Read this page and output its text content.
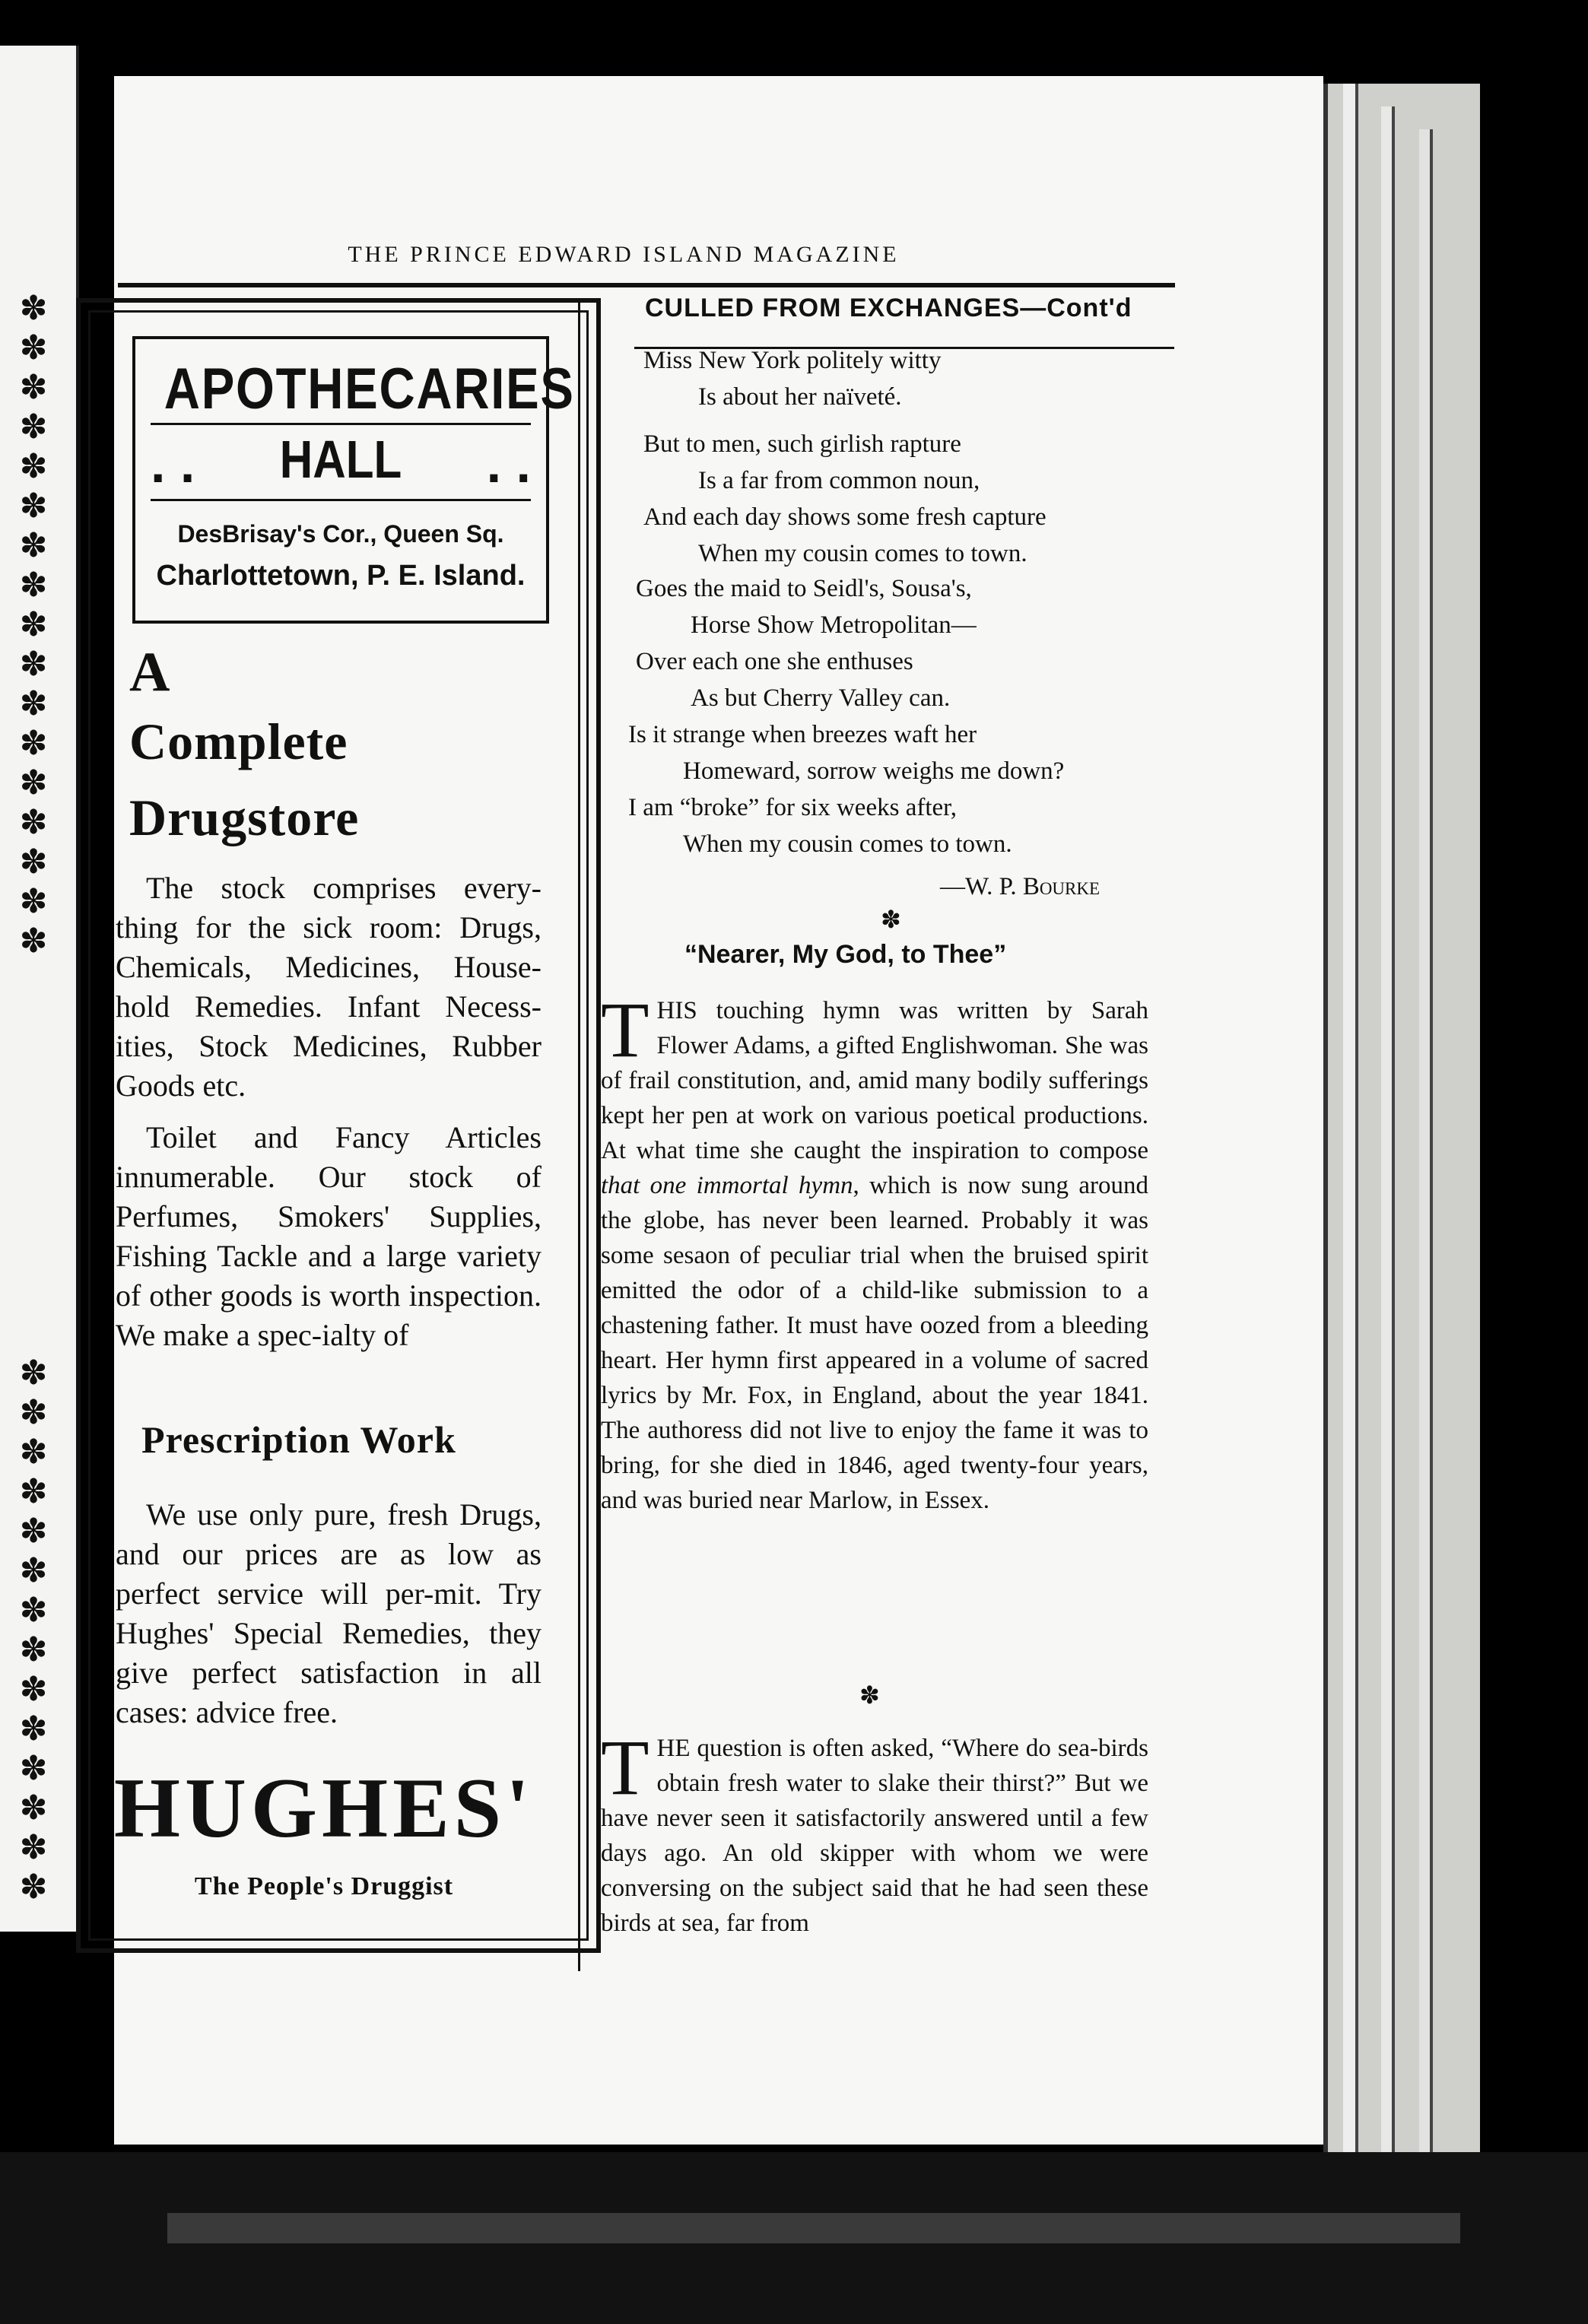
✽
✽
✽
✽
✽
✽
✽
✽
✽
✽
✽
✽
✽
✽
✽
✽
✽
✽
✽
✽
✽
✽
✽
✽
✽
✽
✽
✽
✽
✽
✽
THE PRINCE EDWARD ISLAND MAGAZINE
APOTHECARIES
. .	HALL	. .
DesBrisay's Cor., Queen Sq.
Charlottetown, P. E. Island.
A
Complete
Drugstore

The stock comprises every-thing for the sick room: Drugs, Chemicals, Medicines, House-hold Remedies. Infant Necess-ities, Stock Medicines, Rubber Goods etc.

Toilet and Fancy Articles innumerable. Our stock of Perfumes, Smokers' Supplies, Fishing Tackle and a large variety of other goods is worth inspection. We make a spec-ialty of

Prescription Work

We use only pure, fresh Drugs, and our prices are as low as perfect service will per-mit. Try Hughes' Special Remedies, they give perfect satisfaction in all cases: advice free.

HUGHES'
The People's Druggist
CULLED FROM EXCHANGES—Cont'd
Miss New York politely witty
Is about her naïveté.
But to men, such girlish rapture
Is a far from common noun,
And each day shows some fresh capture
When my cousin comes to town.
Goes the maid to Seidl's, Sousa's,
Horse Show Metropolitan—
Over each one she enthuses
As but Cherry Valley can.
Is it strange when breezes waft her
Homeward, sorrow weighs me down?
I am “broke” for six weeks after,
When my cousin comes to town.
—W. P. Bourke
✽
“Nearer, My God, to Thee”

THIS touching hymn was written by Sarah Flower Adams, a gifted Englishwoman. She was of frail constitution, and, amid many bodily sufferings kept her pen at work on various poetical productions. At what time she caught the inspiration to compose that one immortal hymn, which is now sung around the globe, has never been learned. Probably it was some sesaon of peculiar trial when the bruised spirit emitted the odor of a child-like submission to a chastening father. It must have oozed from a bleeding heart. Her hymn first appeared in a volume of sacred lyrics by Mr. Fox, in England, about the year 1841. The authoress did not live to enjoy the fame it was to bring, for she died in 1846, aged twenty-four years, and was buried near Marlow, in Essex.

✽

THE question is often asked, “Where do sea-birds obtain fresh water to slake their thirst?” But we have never seen it satisfactorily answered until a few days ago. An old skipper with whom we were conversing on the subject said that he had seen these birds at sea, far from
